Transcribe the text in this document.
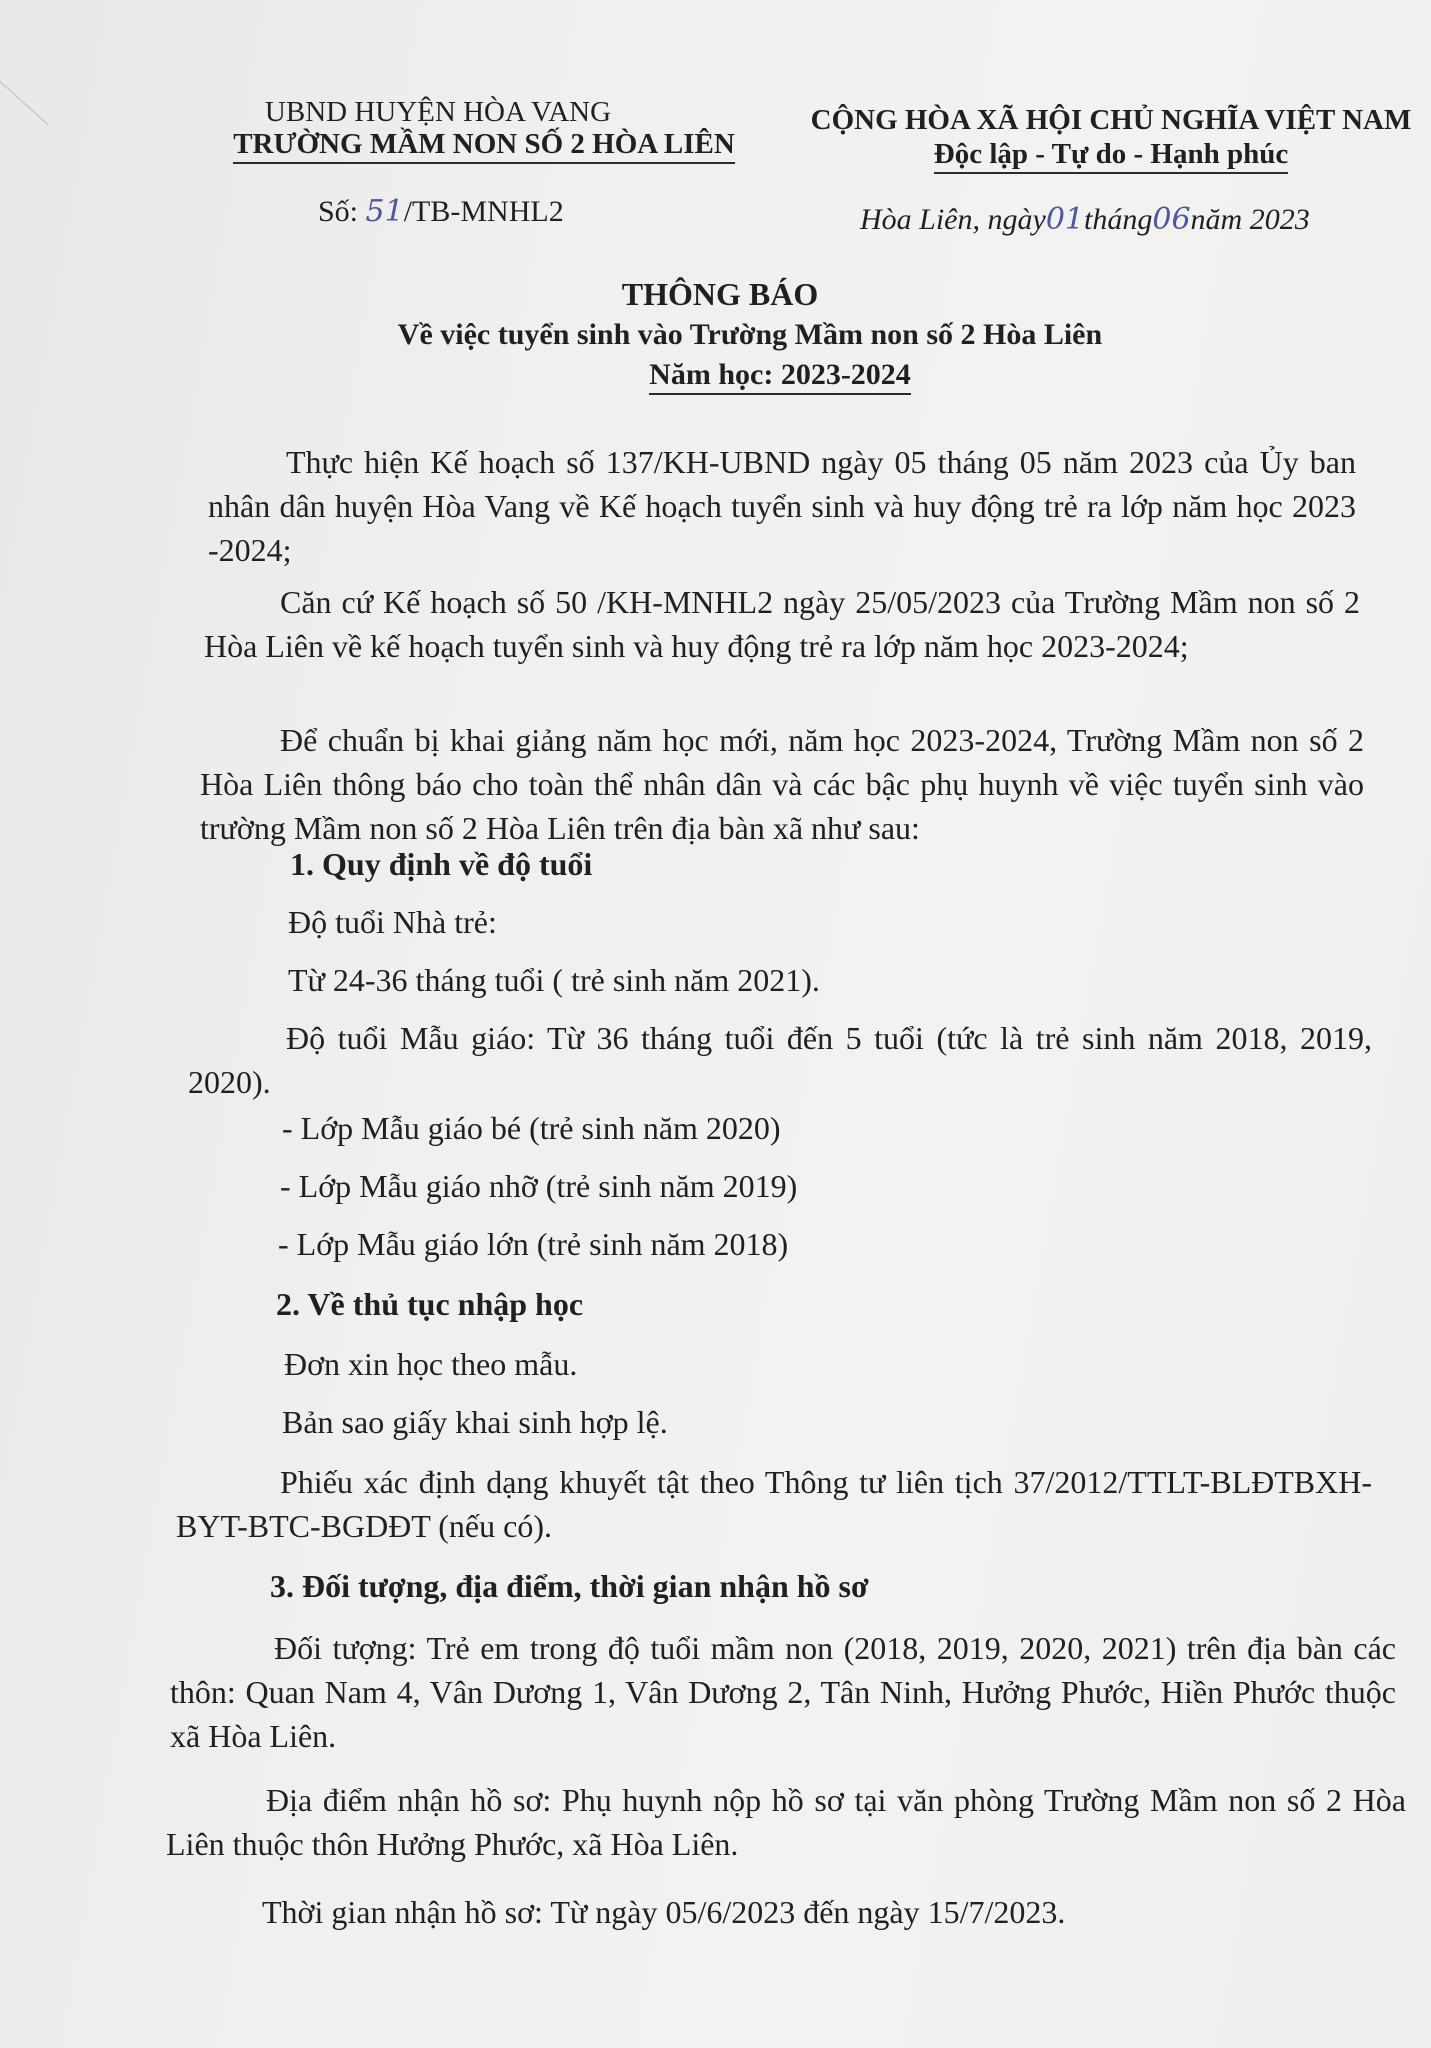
UBND HUYỆN HÒA VANG
TRƯỜNG MẦM NON SỐ 2 HÒA LIÊN
CỘNG HÒA XÃ HỘI CHỦ NGHĨA VIỆT NAM
Độc lập - Tự do - Hạnh phúc
Số: 51/TB-MNHL2	Hòa Liên, ngày01tháng06năm 2023
THÔNG BÁO
Về việc tuyển sinh vào Trường Mầm non số 2 Hòa Liên
Năm học: 2023-2024
Thực hiện Kế hoạch số 137/KH-UBND ngày 05 tháng 05 năm 2023 của Ủy ban nhân dân huyện Hòa Vang về Kế hoạch tuyển sinh và huy động trẻ ra lớp năm học 2023 -2024;
Căn cứ Kế hoạch số 50 /KH-MNHL2 ngày 25/05/2023 của Trường Mầm non số 2 Hòa Liên về kế hoạch tuyển sinh và huy động trẻ ra lớp năm học 2023-2024;
Để chuẩn bị khai giảng năm học mới, năm học 2023-2024, Trường Mầm non số 2 Hòa Liên thông báo cho toàn thể nhân dân và các bậc phụ huynh về việc tuyển sinh vào trường Mầm non số 2 Hòa Liên trên địa bàn xã như sau:
1. Quy định về độ tuổi
Độ tuổi Nhà trẻ:
Từ 24-36 tháng tuổi ( trẻ sinh năm 2021).
Độ tuổi Mẫu giáo: Từ 36 tháng tuổi đến 5 tuổi (tức là trẻ sinh năm 2018, 2019, 2020).
- Lớp Mẫu giáo bé (trẻ sinh năm 2020)
- Lớp Mẫu giáo nhỡ (trẻ sinh năm 2019)
- Lớp Mẫu giáo lớn (trẻ sinh năm 2018)
2. Về thủ tục nhập học
Đơn xin học theo mẫu.
Bản sao giấy khai sinh hợp lệ.
Phiếu xác định dạng khuyết tật theo Thông tư liên tịch 37/2012/TTLT-BLĐTBXH-BYT-BTC-BGDĐT (nếu có).
3. Đối tượng, địa điểm, thời gian nhận hồ sơ
Đối tượng: Trẻ em trong độ tuổi mầm non (2018, 2019, 2020, 2021) trên địa bàn các thôn: Quan Nam 4, Vân Dương 1, Vân Dương 2, Tân Ninh, Hưởng Phước, Hiền Phước thuộc xã Hòa Liên.
Địa điểm nhận hồ sơ: Phụ huynh nộp hồ sơ tại văn phòng Trường Mầm non số 2 Hòa Liên thuộc thôn Hưởng Phước, xã Hòa Liên.
Thời gian nhận hồ sơ: Từ ngày 05/6/2023 đến ngày 15/7/2023.
